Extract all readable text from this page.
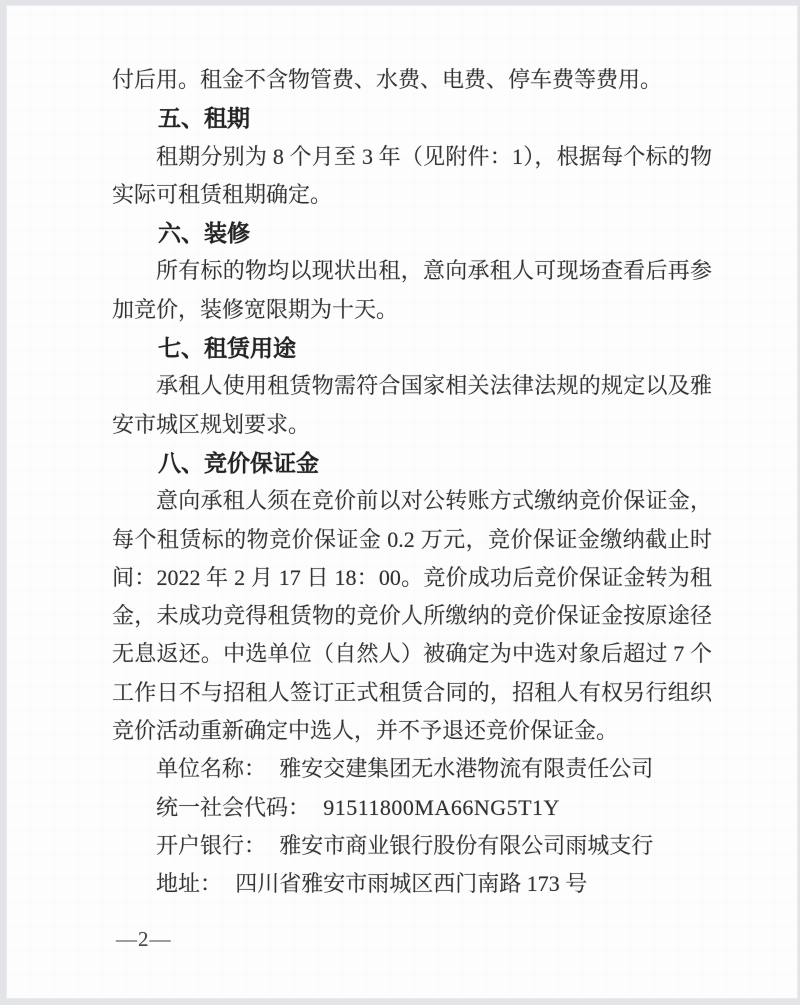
付后用。租金不含物管费、水费、电费、停车费等费用。

五、租期

租期分别为 8 个月至 3 年（见附件：1），根据每个标的物实际可租赁租期确定。

六、装修

所有标的物均以现状出租，意向承租人可现场查看后再参加竞价，装修宽限期为十天。

七、租赁用途

承租人使用租赁物需符合国家相关法律法规的规定以及雅安市城区规划要求。

八、竞价保证金

意向承租人须在竞价前以对公转账方式缴纳竞价保证金，每个租赁标的物竞价保证金 0.2 万元，竞价保证金缴纳截止时间：2022 年 2 月 17 日 18：00。竞价成功后竞价保证金转为租金，未成功竞得租赁物的竞价人所缴纳的竞价保证金按原途径无息返还。中选单位（自然人）被确定为中选对象后超过 7 个工作日不与招租人签订正式租赁合同的，招租人有权另行组织竞价活动重新确定中选人，并不予退还竞价保证金。

单位名称： 雅安交建集团无水港物流有限责任公司
统一社会代码： 91511800MA66NG5T1Y
开户银行： 雅安市商业银行股份有限公司雨城支行
地址： 四川省雅安市雨城区西门南路 173 号
—2—
